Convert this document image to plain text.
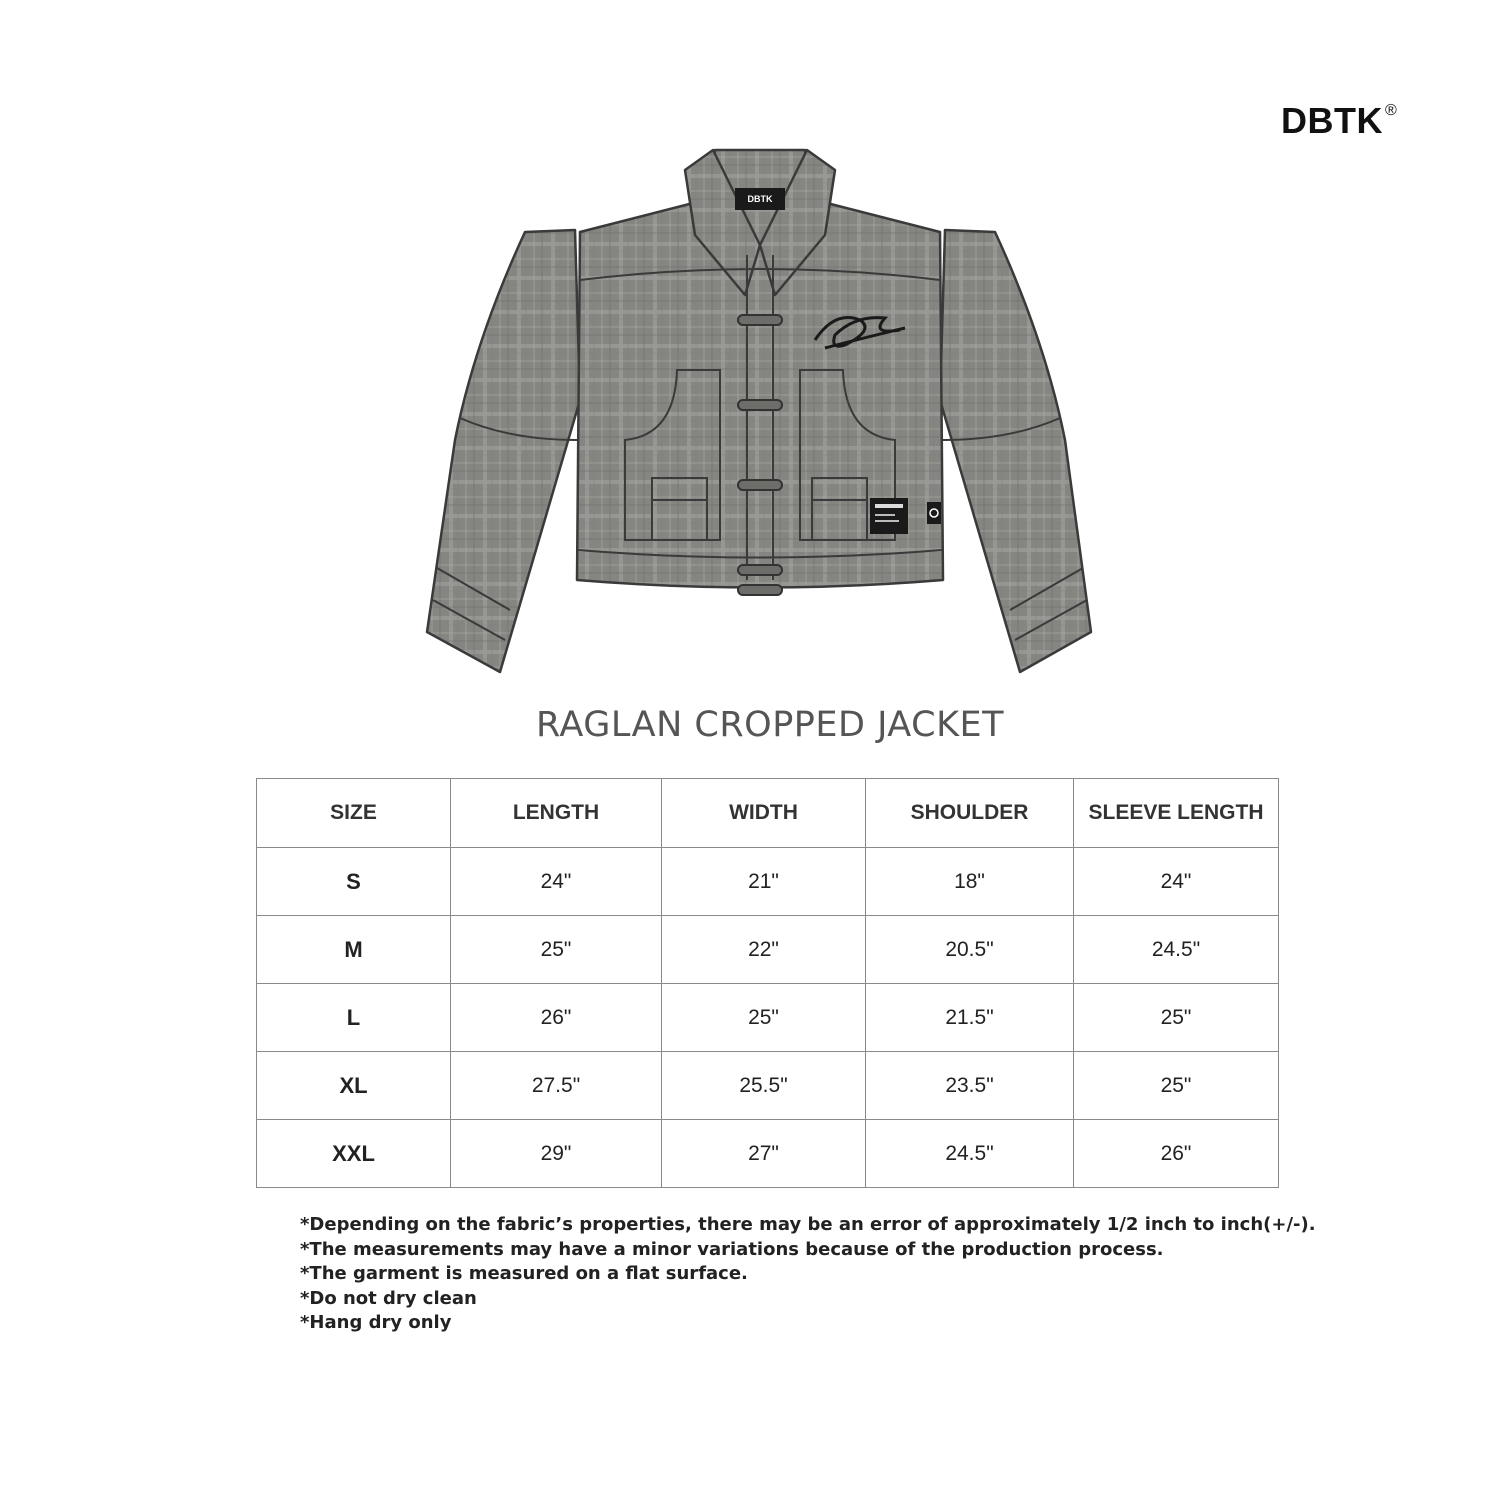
DBTK ®
DBTK
RAGLAN CROPPED JACKET
SIZE	LENGTH	WIDTH	SHOULDER	SLEEVE LENGTH
S	24"	21"	18"	24"
M	25"	22"	20.5"	24.5"
L	26"	25"	21.5"	25"
XL	27.5"	25.5"	23.5"	25"
XXL	29"	27"	24.5"	26"
*Depending on the fabric’s properties, there may be an error of approximately 1/2 inch to inch(+/-).
*The measurements may have a minor variations because of the production process.
*The garment is measured on a flat surface.
*Do not dry clean
*Hang dry only
